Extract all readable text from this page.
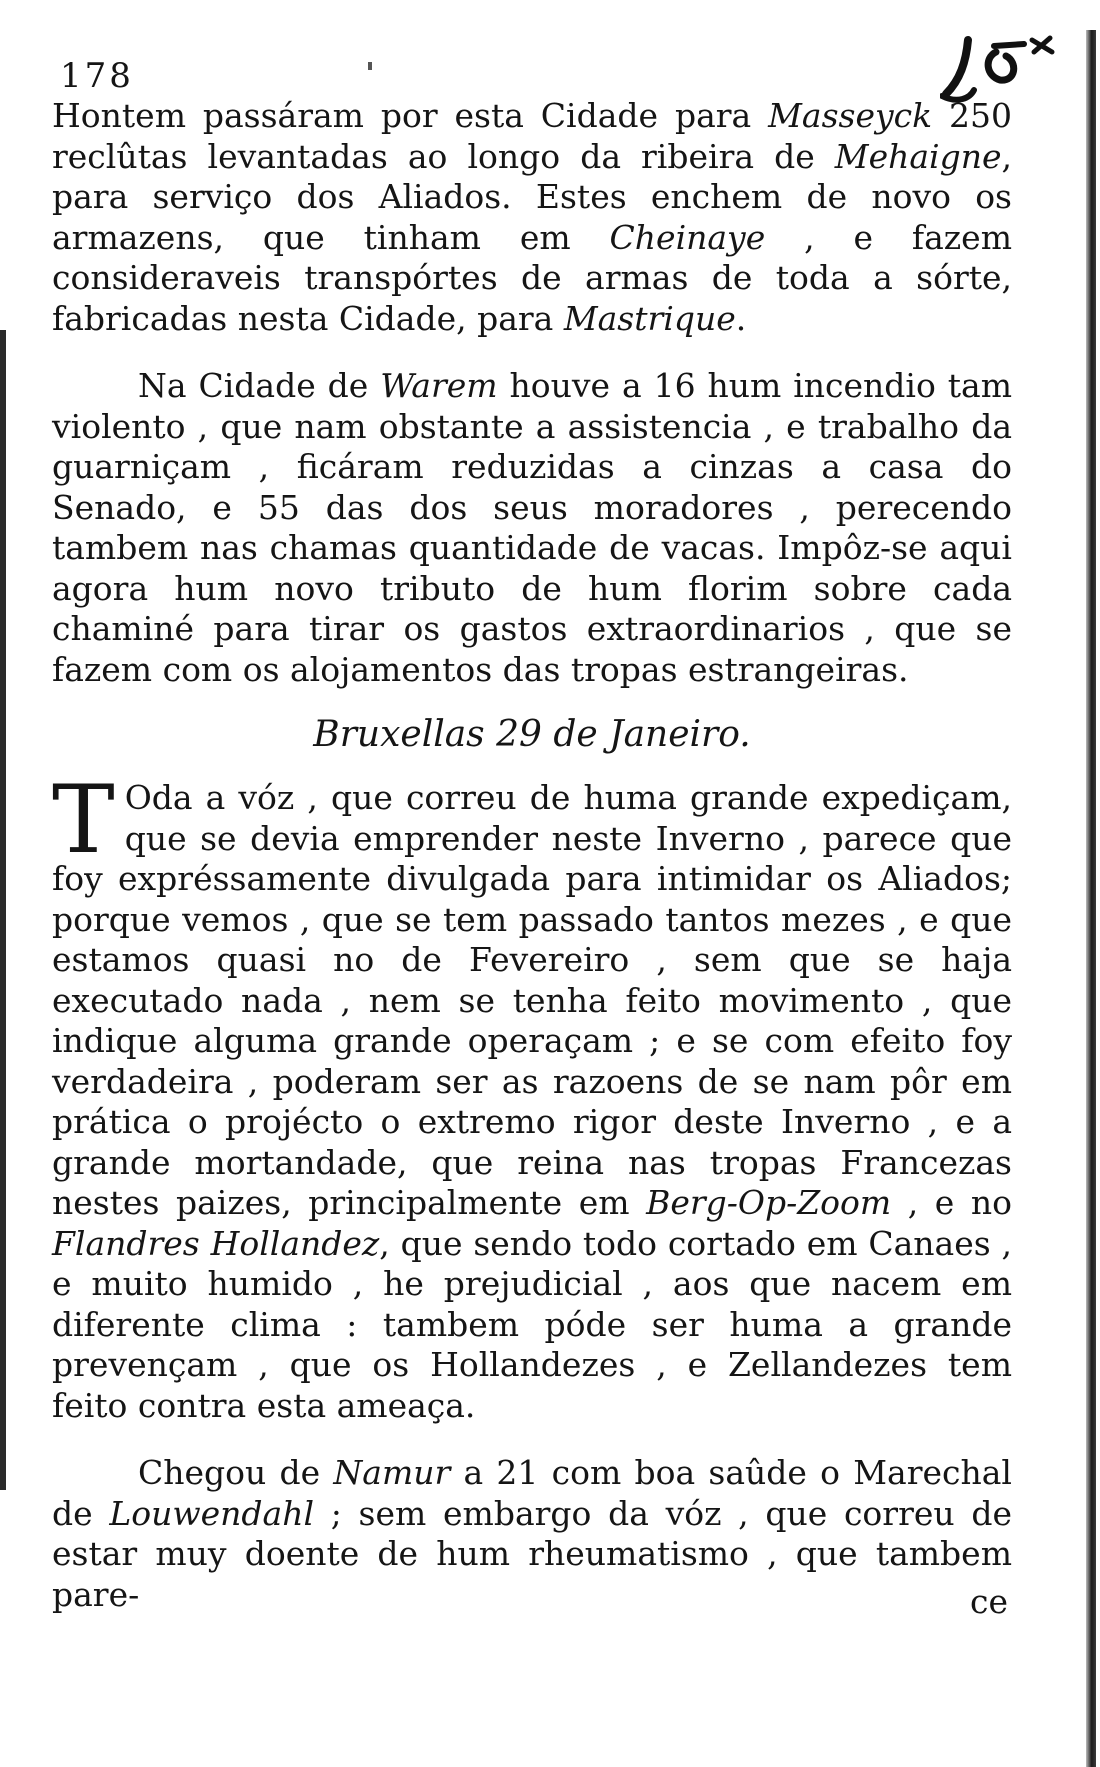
178

Hontem passáram por esta Cidade para Masseyck 250 reclûtas levantadas ao longo da ribeira de Mehaigne, para serviço dos Aliados. Estes enchem de novo os armazens, que tinham em Cheinaye , e fazem consideraveis transpórtes de armas de toda a sórte, fabricadas nesta Cidade, para Mastrique.

Na Cidade de Warem houve a 16 hum incendio tam violento , que nam obstante a assistencia , e trabalho da guarniçam , ficáram reduzidas a cinzas a casa do Senado, e 55 das dos seus moradores , perecendo tambem nas chamas quantidade de vacas. Impôz-se aqui agora hum novo tributo de hum florim sobre cada chaminé para tirar os gastos extraordinarios , que se fazem com os alojamentos das tropas estrangeiras.

Bruxellas 29 de Janeiro.

T Oda a vóz , que correu de huma grande expediçam, que se devia emprender neste Inverno , parece que foy expréssamente divulgada para intimidar os Aliados; porque vemos , que se tem passado tantos mezes , e que estamos quasi no de Fevereiro , sem que se haja executado nada , nem se tenha feito movimento , que indique alguma grande operaçam ; e se com efeito foy verdadeira , poderam ser as razoens de se nam pôr em prática o projécto o extremo rigor deste Inverno , e a grande mortandade, que reina nas tropas Francezas nestes paizes, principalmente em Berg-Op-Zoom , e no Flandres Hollandez, que sendo todo cortado em Canaes , e muito humido , he prejudicial , aos que nacem em diferente clima : tambem póde ser huma a grande prevençam , que os Hollandezes , e Zellandezes tem feito contra esta ameaça.

Chegou de Namur a 21 com boa saûde o Marechal de Louwendahl ; sem embargo da vóz , que correu de estar muy doente de hum rheumatismo , que tambem pare-	ce
